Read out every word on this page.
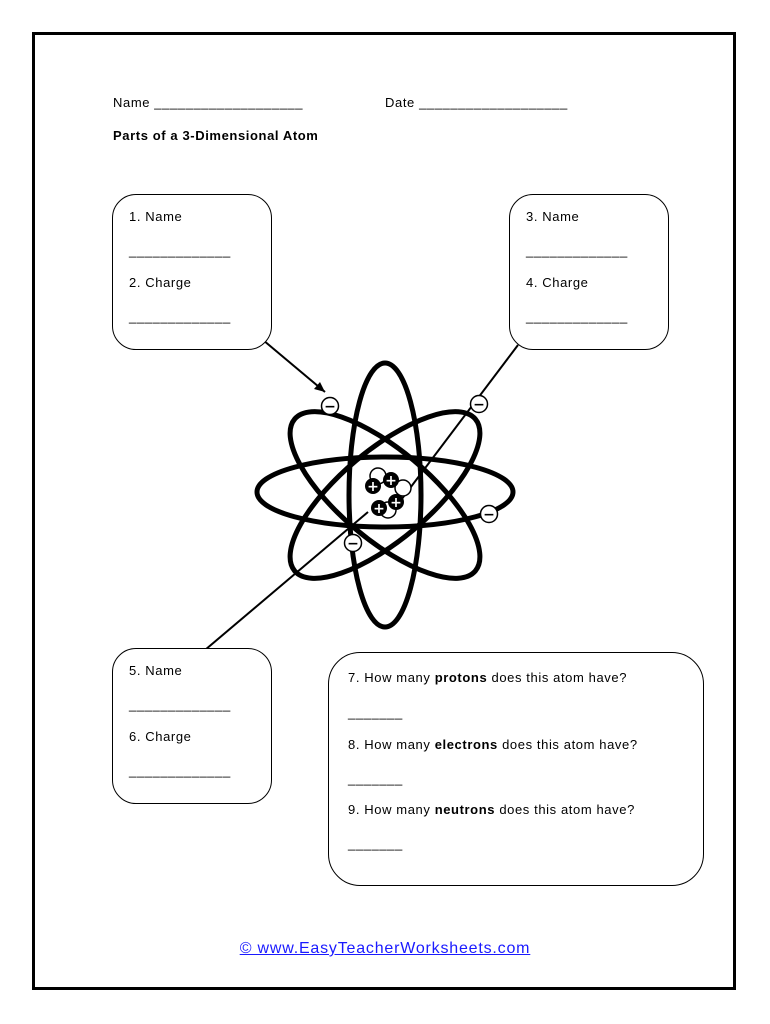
Name ___________________	Date ___________________
Parts of a 3-Dimensional Atom
+ +
+ +
−	−
−
−
1. Name
_____________
2. Charge
_____________
3. Name
_____________
4. Charge
_____________
5. Name
_____________
6. Charge
_____________
7. How many protons does this atom have?
_______
8. How many electrons does this atom have?
_______
9. How many neutrons does this atom have?
_______
© www.EasyTeacherWorksheets.com
